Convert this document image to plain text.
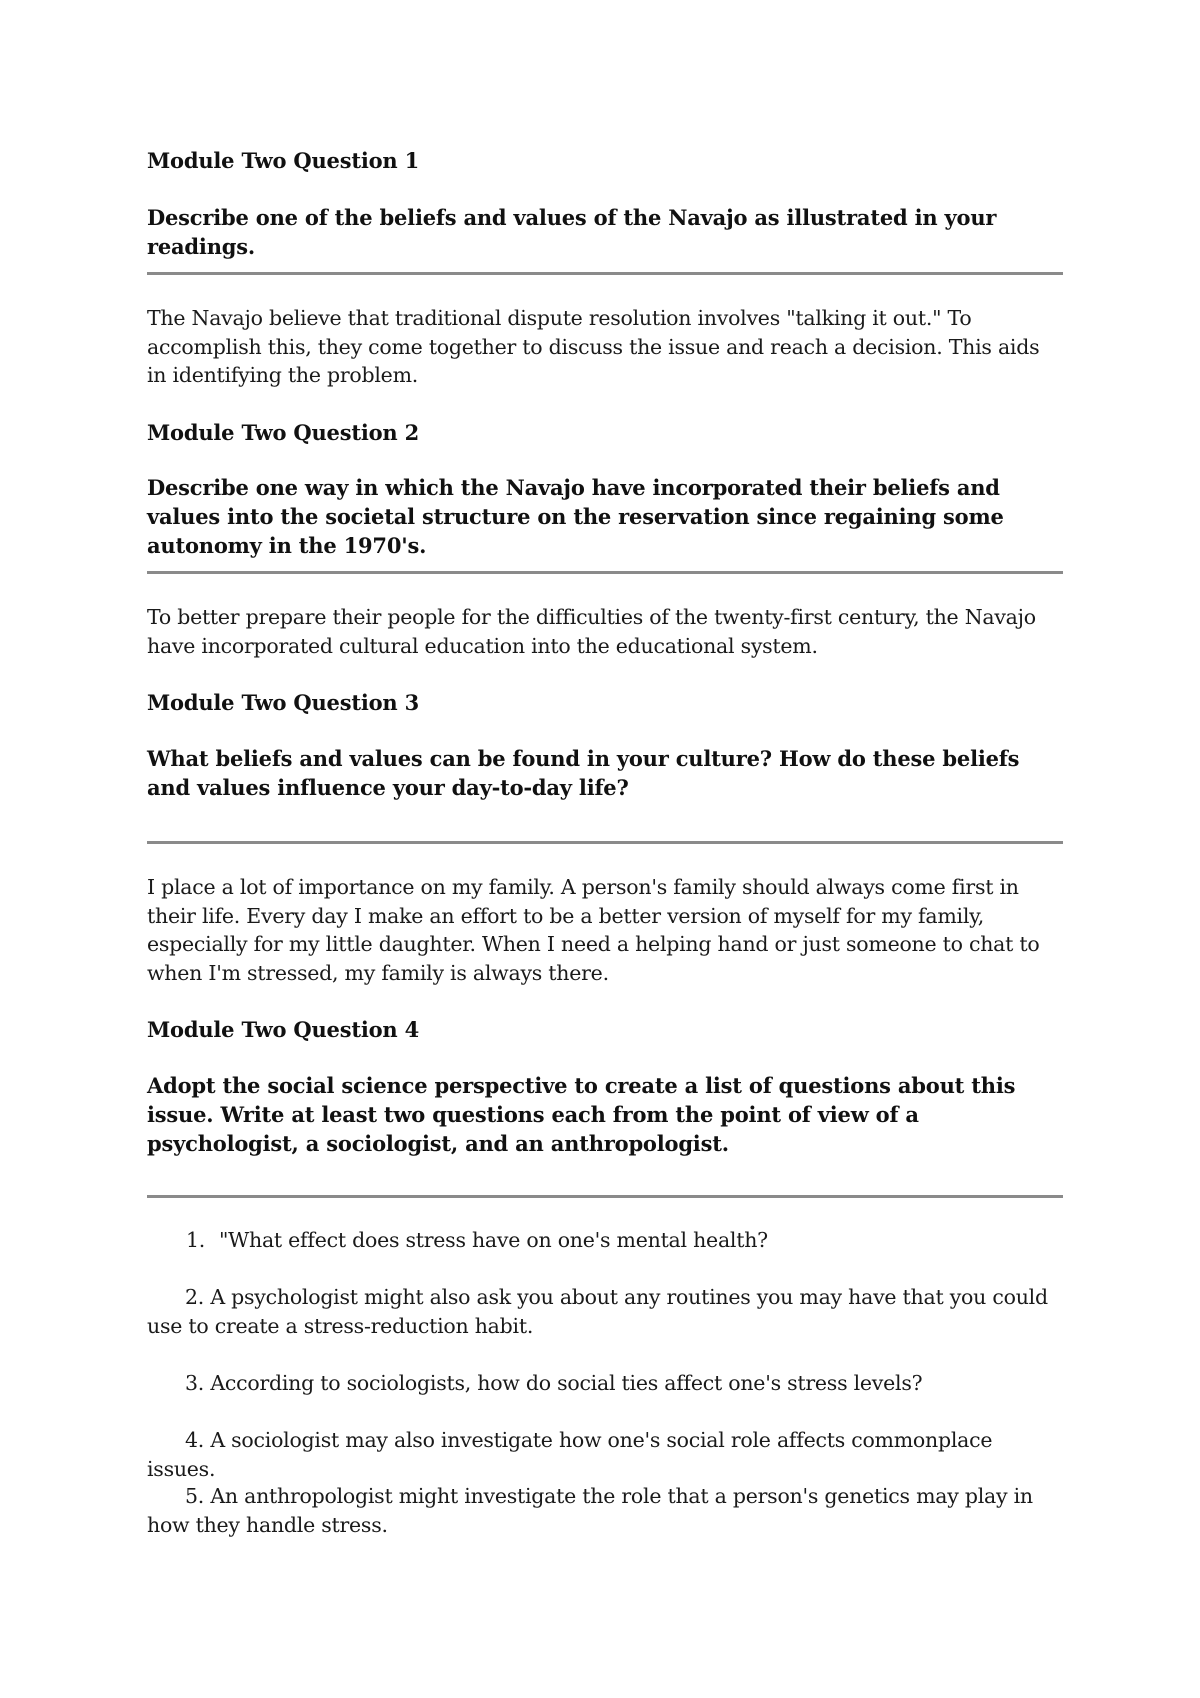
Module Two Question 1

Describe one of the beliefs and values of the Navajo as illustrated in your readings.

The Navajo believe that traditional dispute resolution involves "talking it out." To accomplish this, they come together to discuss the issue and reach a decision. This aids in identifying the problem.

Module Two Question 2

Describe one way in which the Navajo have incorporated their beliefs and values into the societal structure on the reservation since regaining some autonomy in the 1970's.

To better prepare their people for the difficulties of the twenty-first century, the Navajo have incorporated cultural education into the educational system.

Module Two Question 3

What beliefs and values can be found in your culture? How do these beliefs and values influence your day-to-day life?

I place a lot of importance on my family. A person's family should always come first in their life. Every day I make an effort to be a better version of myself for my family, especially for my little daughter. When I need a helping hand or just someone to chat to when I'm stressed, my family is always there.

Module Two Question 4

Adopt the social science perspective to create a list of questions about this issue. Write at least two questions each from the point of view of a psychologist, a sociologist, and an anthropologist.

1. "What effect does stress have on one's mental health?

2. A psychologist might also ask you about any routines you may have that you could use to create a stress-reduction habit.

3. According to sociologists, how do social ties affect one's stress levels?

4. A sociologist may also investigate how one's social role affects commonplace issues.

5. An anthropologist might investigate the role that a person's genetics may play in how they handle stress.
